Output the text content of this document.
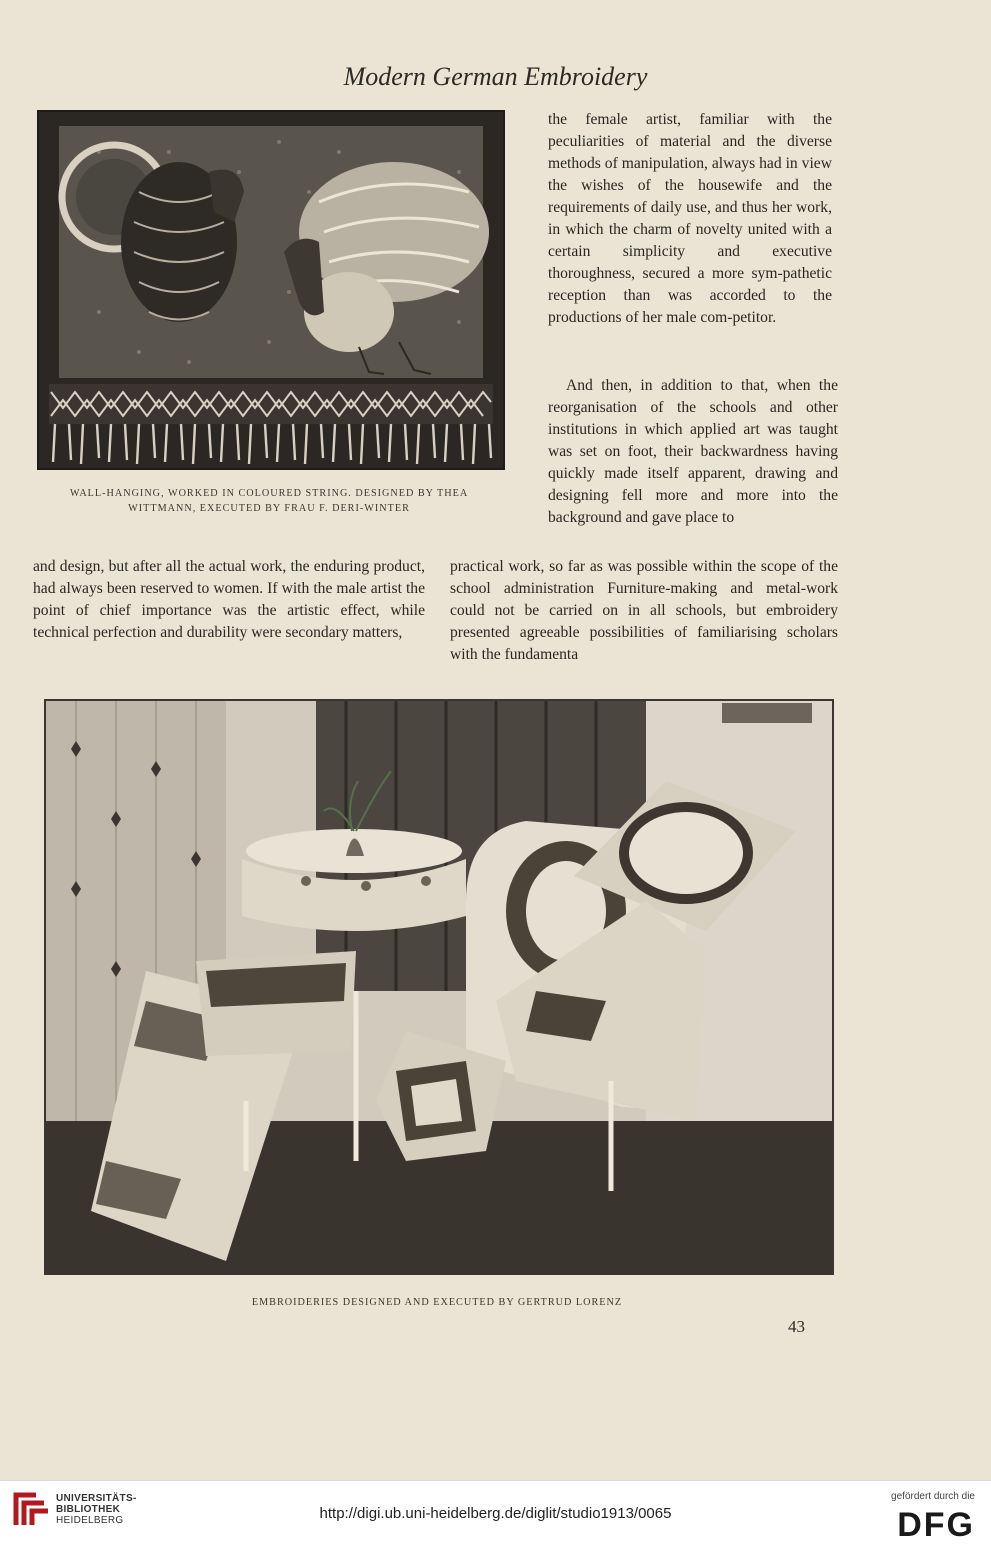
Modern German Embroidery
WALL-HANGING, WORKED IN COLOURED STRING. DESIGNED BY THEA
WITTMANN, EXECUTED BY FRAU F. DERI-WINTER

the female artist, familiar with the peculiarities of material and the diverse methods of manipulation, always had in view the wishes of the housewife and the requirements of daily use, and thus her work, in which the charm of novelty united with a certain simplicity and executive thoroughness, secured a more sym-pathetic reception than was accorded to the productions of her male com-petitor.

And then, in addition to that, when the reorganisation of the schools and other institutions in which applied art was taught was set on foot, their backwardness having quickly made itself apparent, drawing and designing fell more and more into the background and gave place to

and design, but after all the actual work, the enduring product, had always been reserved to women. If with the male artist the point of chief importance was the artistic effect, while technical perfection and durability were secondary matters,

practical work, so far as was possible within the scope of the school administration Furniture-making and metal-work could not be carried on in all schools, but embroidery presented agreeable possibilities of familiarising scholars with the fundamenta

EMBROIDERIES DESIGNED AND EXECUTED BY GERTRUD LORENZ
43
UNIVERSITÄTS-
BIBLIOTHEK
HEIDELBERG	http://digi.ub.uni-heidelberg.de/diglit/studio1913/0065
gefördert durch die
DFG
